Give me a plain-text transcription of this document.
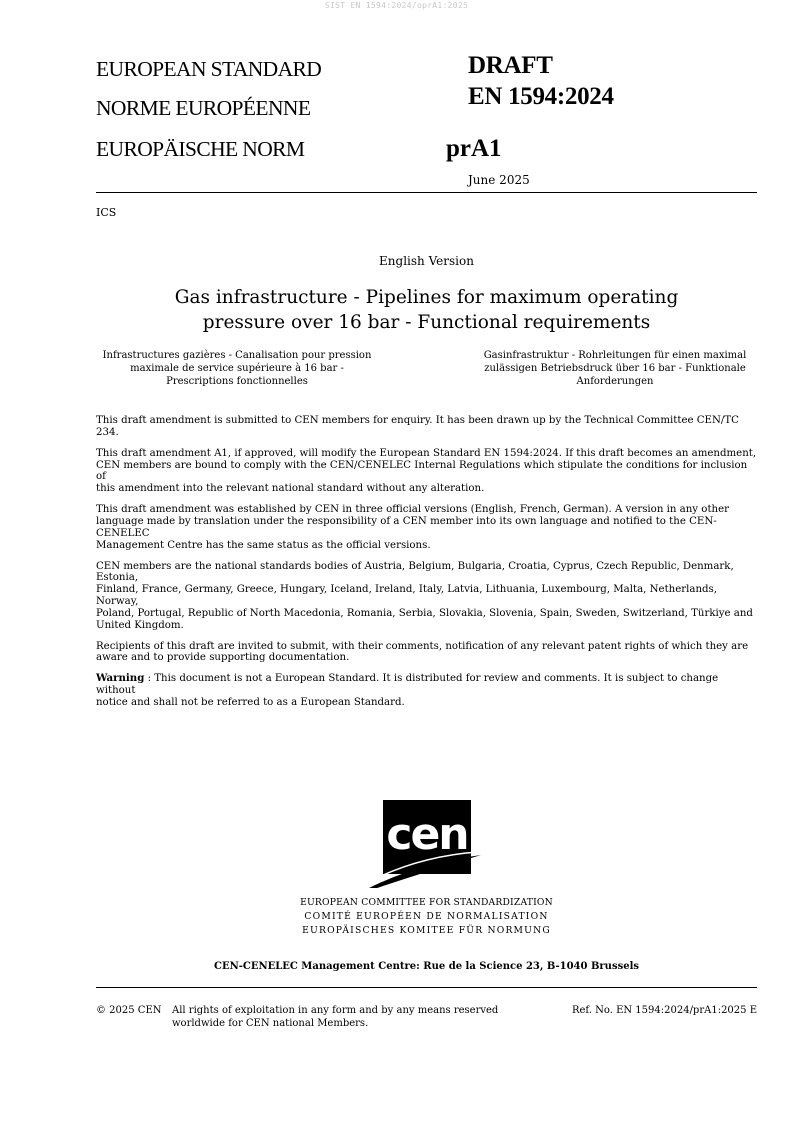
SIST EN 1594:2024/oprA1:2025
EUROPEAN STANDARD
NORME EUROPÉENNE
EUROPÄISCHE NORM
DRAFT
EN 1594:2024
prA1
June 2025
ICS
English Version
Gas infrastructure - Pipelines for maximum operating
pressure over 16 bar - Functional requirements
Infrastructures gazières - Canalisation pour pression
maximale de service supérieure à 16 bar -
Prescriptions fonctionnelles
Gasinfrastruktur - Rohrleitungen für einen maximal
zulässigen Betriebsdruck über 16 bar - Funktionale
Anforderungen

This draft amendment is submitted to CEN members for enquiry. It has been drawn up by the Technical Committee CEN/TC 234.

This draft amendment A1, if approved, will modify the European Standard EN 1594:2024. If this draft becomes an amendment,
CEN members are bound to comply with the CEN/CENELEC Internal Regulations which stipulate the conditions for inclusion of
this amendment into the relevant national standard without any alteration.

This draft amendment was established by CEN in three official versions (English, French, German). A version in any other
language made by translation under the responsibility of a CEN member into its own language and notified to the CEN-CENELEC
Management Centre has the same status as the official versions.

CEN members are the national standards bodies of Austria, Belgium, Bulgaria, Croatia, Cyprus, Czech Republic, Denmark, Estonia,
Finland, France, Germany, Greece, Hungary, Iceland, Ireland, Italy, Latvia, Lithuania, Luxembourg, Malta, Netherlands, Norway,
Poland, Portugal, Republic of North Macedonia, Romania, Serbia, Slovakia, Slovenia, Spain, Sweden, Switzerland, Türkiye and
United Kingdom.

Recipients of this draft are invited to submit, with their comments, notification of any relevant patent rights of which they are
aware and to provide supporting documentation.

Warning : This document is not a European Standard. It is distributed for review and comments. It is subject to change without
notice and shall not be referred to as a European Standard.

cen
EUROPEAN COMMITTEE FOR STANDARDIZATION
COMITÉ EUROPÉEN DE NORMALISATION
EUROPÄISCHES KOMITEE FÜR NORMUNG
CEN-CENELEC Management Centre: Rue de la Science 23, B-1040 Brussels
© 2025 CEN All rights of exploitation in any form and by any means reserved
worldwide for CEN national Members.
Ref. No. EN 1594:2024/prA1:2025 E
